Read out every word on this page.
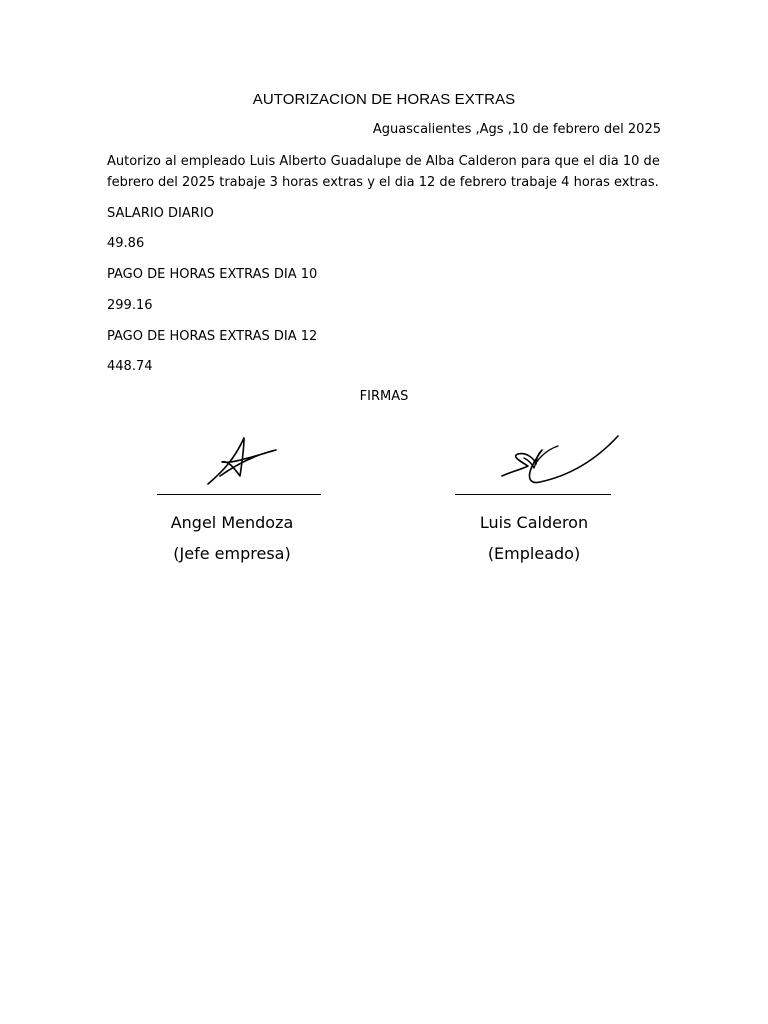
AUTORIZACION DE HORAS EXTRAS
Aguascalientes ,Ags ,10 de febrero del 2025
Autorizo al empleado Luis Alberto Guadalupe de Alba Calderon para que el dia 10 de febrero del 2025 trabaje 3 horas extras y el dia 12 de febrero trabaje 4 horas extras.
SALARIO DIARIO
49.86
PAGO DE HORAS EXTRAS DIA 10
299.16
PAGO DE HORAS EXTRAS DIA 12
448.74
FIRMAS
Angel Mendoza
(Jefe empresa)
Luis Calderon
(Empleado)
